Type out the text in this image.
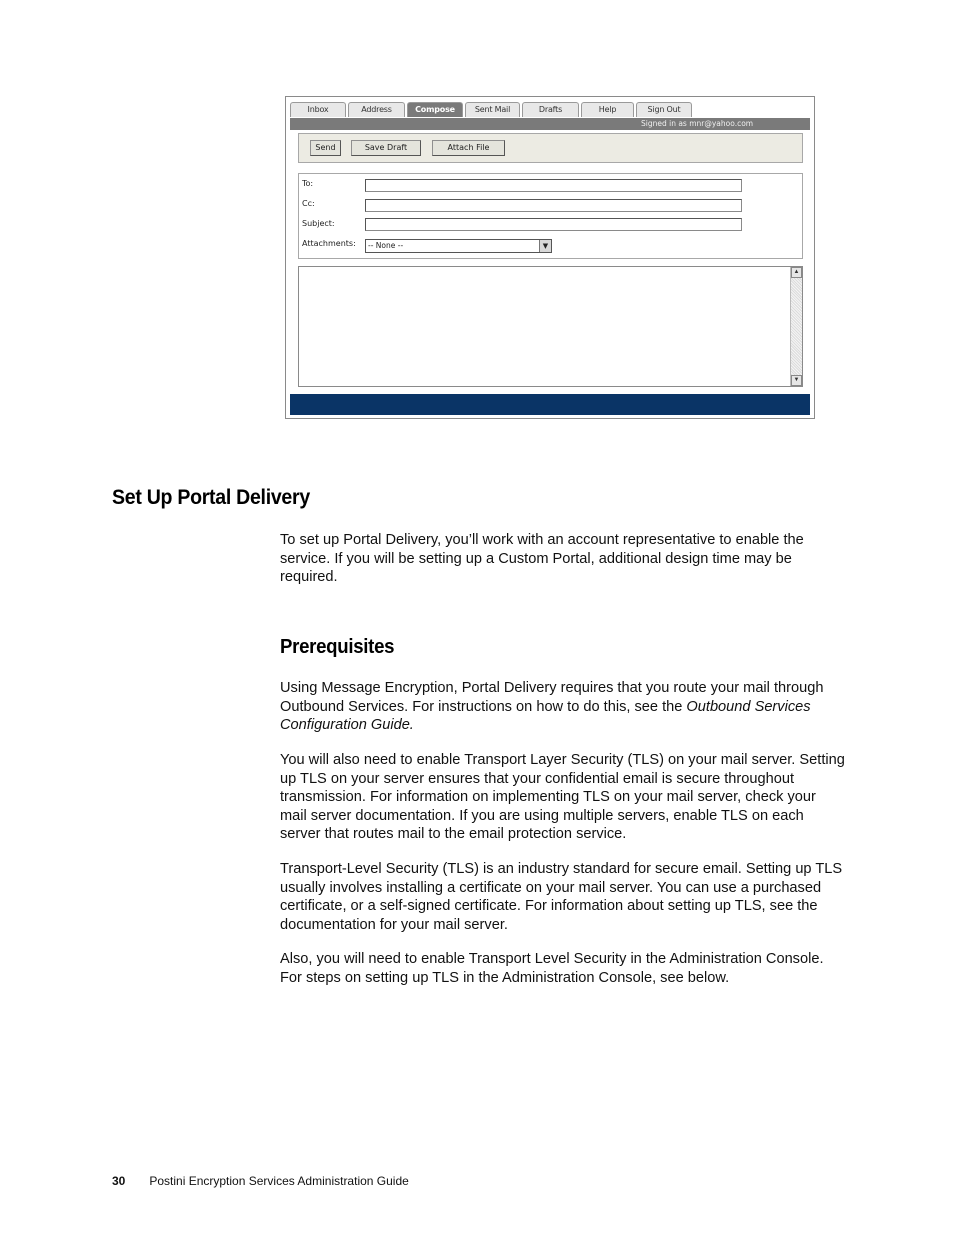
Inbox	Address	Compose	Sent Mail	Drafts	Help	Sign Out
Signed in as mnr@yahoo.com
Send	Save Draft	Attach File
To:
Cc:
Subject:
Attachments:	-- None --	▼
▲
▼
Set Up Portal Delivery

To set up Portal Delivery, you’ll work with an account representative to enable the service. If you will be setting up a Custom Portal, additional design time may be required.

Prerequisites

Using Message Encryption, Portal Delivery requires that you route your mail through Outbound Services. For instructions on how to do this, see the Outbound Services Configuration Guide.

You will also need to enable Transport Layer Security (TLS) on your mail server. Setting up TLS on your server ensures that your confidential email is secure throughout transmission. For information on implementing TLS on your mail server, check your mail server documentation. If you are using multiple servers, enable TLS on each server that routes mail to the email protection service.

Transport-Level Security (TLS) is an industry standard for secure email. Setting up TLS usually involves installing a certificate on your mail server. You can use a purchased certificate, or a self-signed certificate. For information about setting up TLS, see the documentation for your mail server.

Also, you will need to enable Transport Level Security in the Administration Console. For steps on setting up TLS in the Administration Console, see below.

30 Postini Encryption Services Administration Guide
